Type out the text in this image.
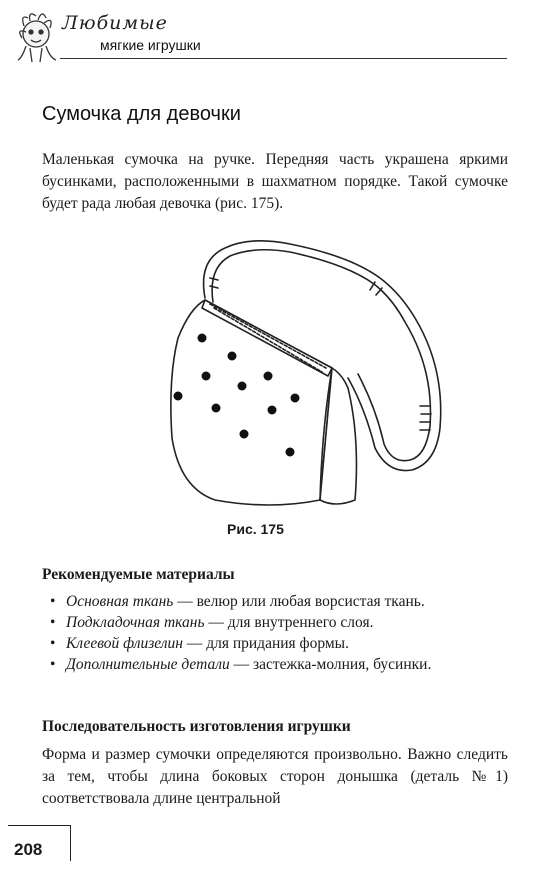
Любимые
мягкие игрушки
Сумочка для девочки
Маленькая сумочка на ручке. Передняя часть украшена яркими бусинками, расположенными в шахматном порядке. Такой сумочке будет рада любая девочка (рис. 175).
Рис. 175
Рекомендуемые материалы
• Основная ткань — велюр или любая ворсистая ткань.
• Подкладочная ткань — для внутреннего слоя.
• Клеевой флизелин — для придания формы.
• Дополнительные детали — застежка-молния, бусинки.
Последовательность изготовления игрушки
Форма и размер сумочки определяются произвольно. Важно следить за тем, чтобы длина боковых сторон донышка (деталь №1) соответствовала длине центральной
208
